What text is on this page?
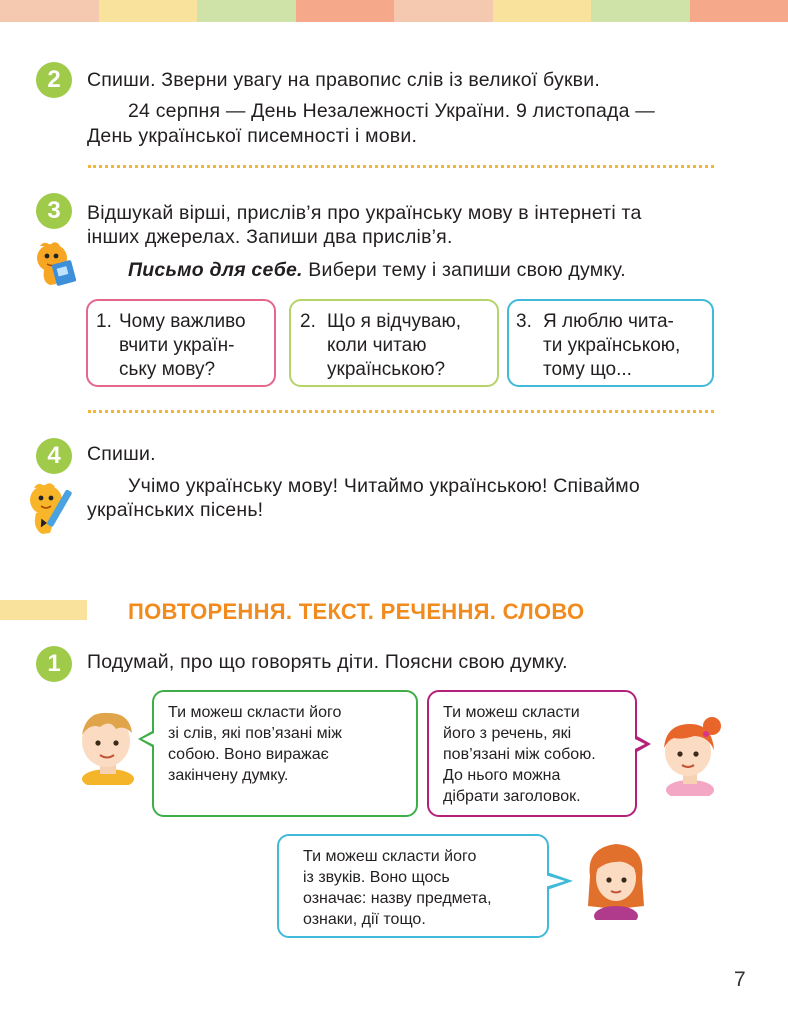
2	Спиши. Зверни увагу на правопис слів із великої букви.
24 серпня — День Незалежності України. 9 листопада —
День української писемності і мови.
3	Відшукай вірші, прислів’я про українську мову в інтернеті та
інших джерелах. Запиши два прислів’я.
Письмо для себе. Вибери тему і запиши свою думку.
1. Чому важливо
вчити україн-
ську мову?
2. Що я відчуваю,
коли читаю
українською?
3. Я люблю чита-
ти українською,
тому що...
4	Спиши.
Учімо українську мову! Читаймо українською! Співаймо
українських пісень!
ПОВТОРЕННЯ. ТЕКСТ. РЕЧЕННЯ. СЛОВО
1	Подумай, про що говорять діти. Поясни свою думку.
Ти можеш скласти його
зі слів, які пов’язані між
собою. Воно виражає
закінчену думку.
Ти можеш скласти
його з речень, які
пов’язані між собою.
До нього можна
дібрати заголовок.
Ти можеш скласти його
із звуків. Воно щось
означає: назву предмета,
ознаки, дії тощо.
7
